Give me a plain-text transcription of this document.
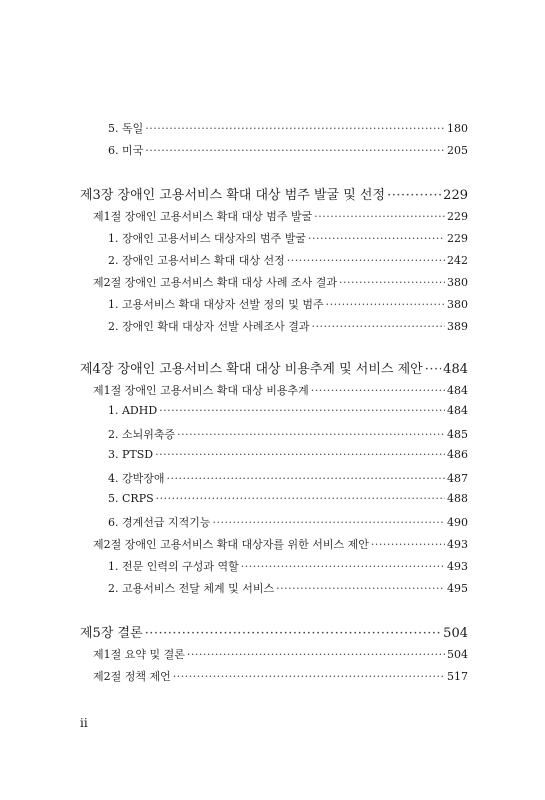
5. 독일 ·····	180
6. 미국 ·····	205
제3장 장애인 고용서비스 확대 대상 범주 발굴 및 선정 ·····	229
제1절 장애인 고용서비스 확대 대상 범주 발굴 ·····	229
1. 장애인 고용서비스 대상자의 범주 발굴 ·····	229
2. 장애인 고용서비스 확대 대상 선정 ·····	242
제2절 장애인 고용서비스 확대 대상 사례 조사 결과 ·····	380
1. 고용서비스 확대 대상자 선발 정의 및 범주 ·····	380
2. 장애인 확대 대상자 선발 사례조사 결과 ·····	389
제4장 장애인 고용서비스 확대 대상 비용추계 및 서비스 제안 ····· 484
제1절 장애인 고용서비스 확대 대상 비용추계 ·····	484
1. ADHD ·····	484
2. 소뇌위축증 ·····	485
3. PTSD ·····	486
4. 강박장애 ·····	487
5. CRPS ·····	488
6. 경계선급 지적기능 ·····	490
제2절 장애인 고용서비스 확대 대상자를 위한 서비스 제안 ·····	493
1. 전문 인력의 구성과 역할 ·····	493
2. 고용서비스 전달 체계 및 서비스 ·····	495
제5장 결론 ·····	504
제1절 요약 및 결론 ·····	504
제2절 정책 제언 ·····	517
ii
